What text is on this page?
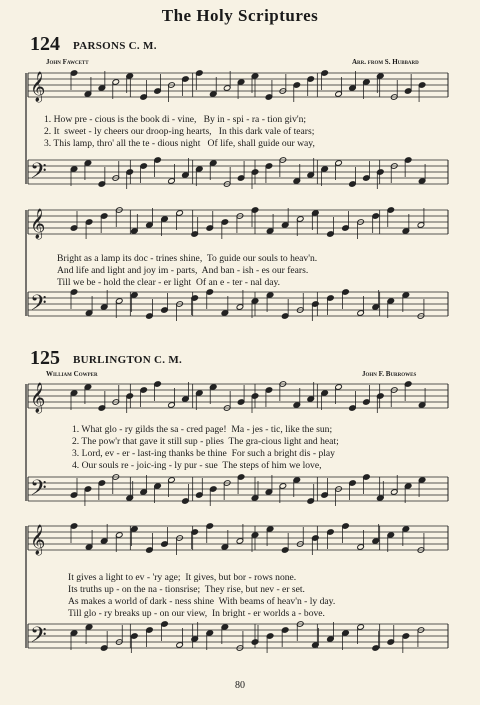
𝄞
𝄢
𝄞
𝄢
𝄞
𝄢
𝄞
𝄢
The Holy Scriptures
124 PARSONS C. M.
John Fawcett	Arr. from S. Hubbard
1. How pre - cious is the book di - vine,   By in - spi - ra - tion giv'n;
2. It  sweet - ly cheers our droop-ing hearts,   In this dark vale of tears;
3. This lamp, thro' all the te - dious night   Of life, shall guide our way,
Bright as a lamp its doc - trines shine,  To guide our souls to heav'n.
And life and light and joy im - parts,  And ban - ish - es our fears.
Till we be - hold the clear - er light  Of an e - ter - nal day.
125 BURLINGTON C. M.
William Cowper	John F. Burrowes
1. What glo - ry gilds the sa - cred page!  Ma - jes - tic, like the sun;
2. The pow'r that gave it still sup - plies  The gra-cious light and heat;
3. Lord, ev - er - last-ing thanks be thine  For such a bright dis - play
4. Our souls re - joic-ing - ly pur - sue  The steps of him we love,
It gives a light to ev - 'ry age;  It gives, but bor - rows none.
Its truths up - on the na - tionsrise;  They rise, but nev - er set.
As makes a world of dark - ness shine  With beams of heav'n - ly day.
Till glo - ry breaks up - on our view,  In bright - er worlds a - bove.
80
